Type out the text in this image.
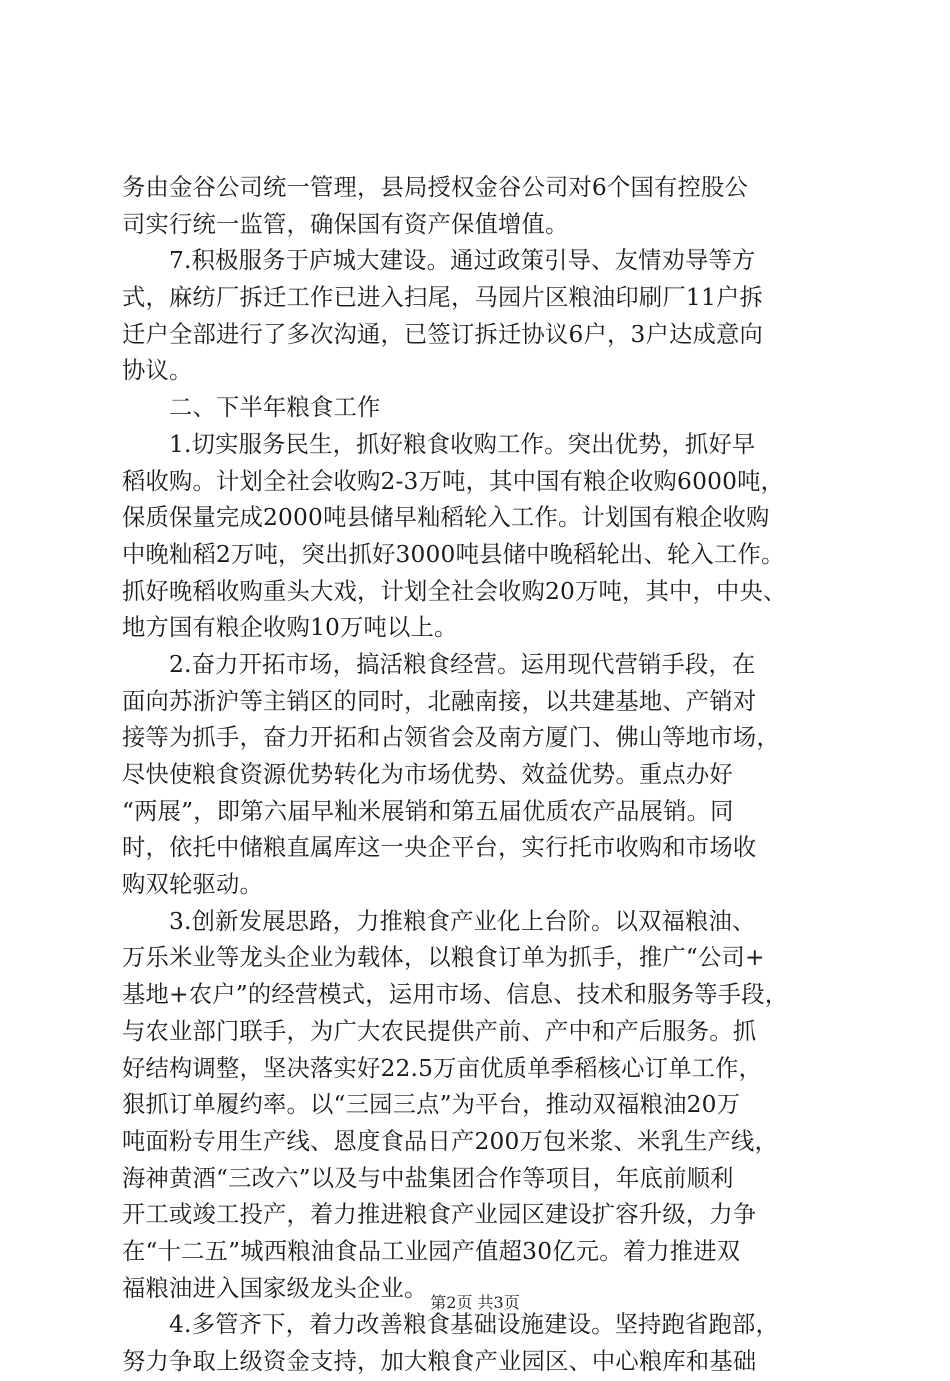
务由金谷公司统一管理，县局授权金谷公司对6个国有控股公
司实行统一监管，确保国有资产保值增值。
　　7.积极服务于庐城大建设。通过政策引导、友情劝导等方
式，麻纺厂拆迁工作已进入扫尾，马园片区粮油印刷厂11户拆
迁户全部进行了多次沟通，已签订拆迁协议6户，3户达成意向
协议。
　　二、下半年粮食工作
　　1.切实服务民生，抓好粮食收购工作。突出优势，抓好早
稻收购。计划全社会收购2-3万吨，其中国有粮企收购6000吨，
保质保量完成2000吨县储早籼稻轮入工作。计划国有粮企收购
中晚籼稻2万吨，突出抓好3000吨县储中晚稻轮出、轮入工作。
抓好晚稻收购重头大戏，计划全社会收购20万吨，其中，中央、
地方国有粮企收购10万吨以上。
　　2.奋力开拓市场，搞活粮食经营。运用现代营销手段，在
面向苏浙沪等主销区的同时，北融南接，以共建基地、产销对
接等为抓手，奋力开拓和占领省会及南方厦门、佛山等地市场，
尽快使粮食资源优势转化为市场优势、效益优势。重点办好
“两展”，即第六届早籼米展销和第五届优质农产品展销。同
时，依托中储粮直属库这一央企平台，实行托市收购和市场收
购双轮驱动。
　　3.创新发展思路，力推粮食产业化上台阶。以双福粮油、
万乐米业等龙头企业为载体，以粮食订单为抓手，推广“公司+
基地+农户”的经营模式，运用市场、信息、技术和服务等手段，
与农业部门联手，为广大农民提供产前、产中和产后服务。抓
好结构调整，坚决落实好22.5万亩优质单季稻核心订单工作，
狠抓订单履约率。以“三园三点”为平台，推动双福粮油20万
吨面粉专用生产线、恩度食品日产200万包米浆、米乳生产线，
海神黄酒“三改六”以及与中盐集团合作等项目，年底前顺利
开工或竣工投产，着力推进粮食产业园区建设扩容升级，力争
在“十二五”城西粮油食品工业园产值超30亿元。着力推进双
福粮油进入国家级龙头企业。
　　4.多管齐下，着力改善粮食基础设施建设。坚持跑省跑部，
努力争取上级资金支持，加大粮食产业园区、中心粮库和基础
第2页 共3页
